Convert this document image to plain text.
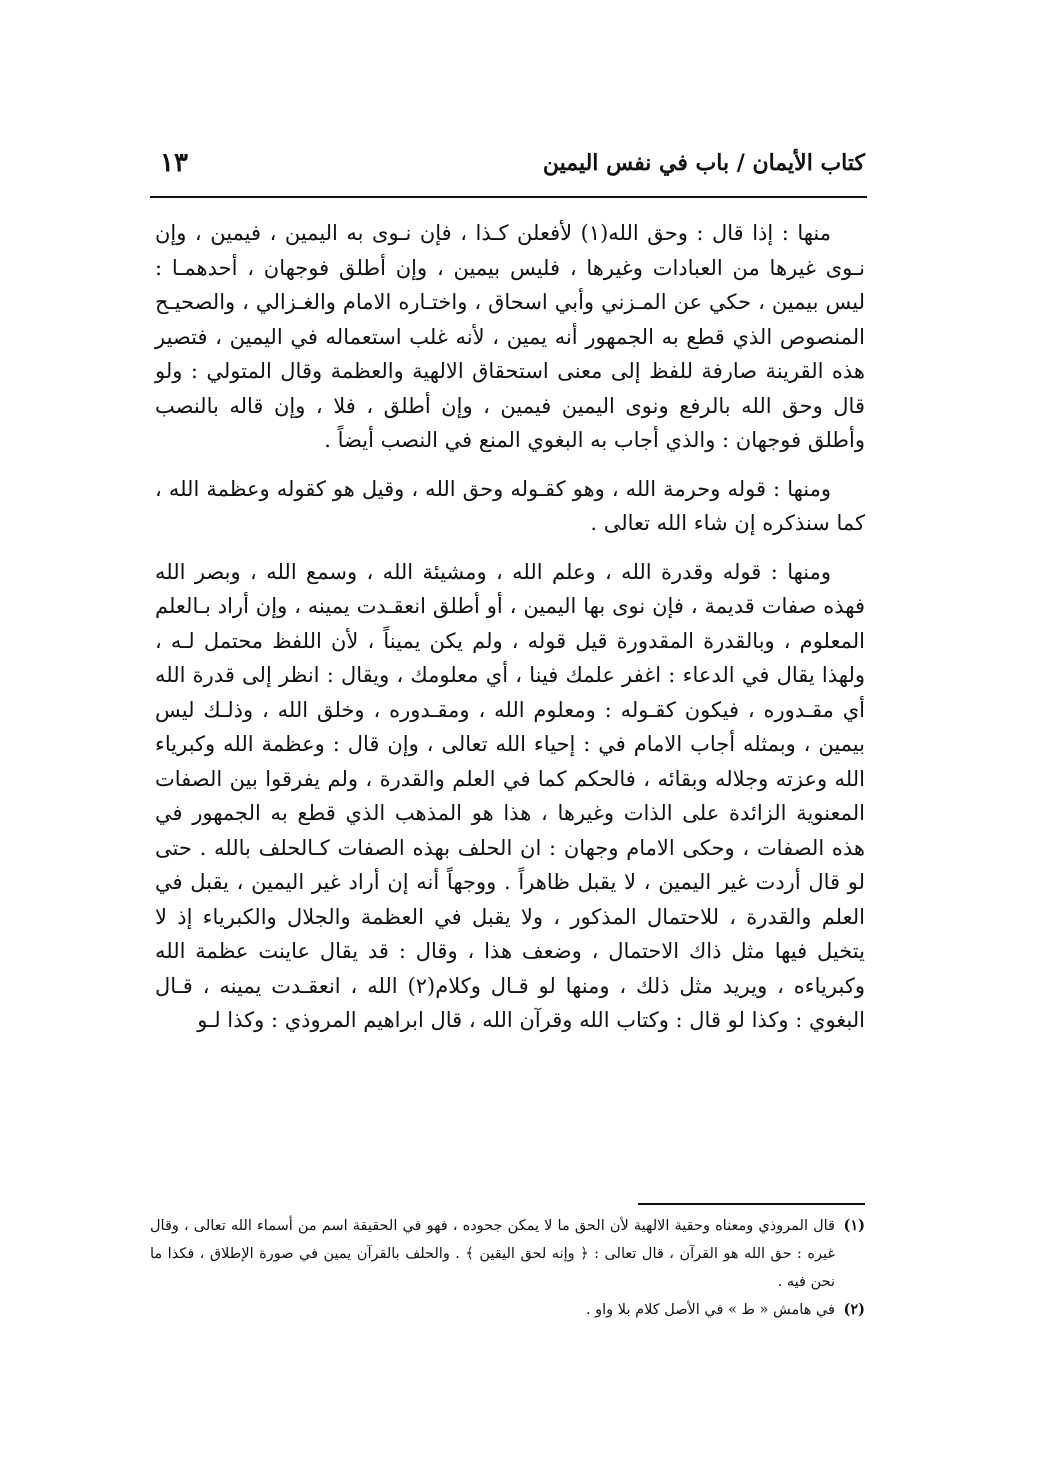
كتاب الأيمان / باب في نفس اليمين
١٣

منها : إذا قال : وحق الله(١) لأفعلن كـذا ، فإن نـوى به اليمين ، فيمين ، وإن نـوى غيرها من العبادات وغيرها ، فليس بيمين ، وإن أطلق فوجهان ، أحدهمـا : ليس بيمين ، حكي عن المـزني وأبي اسحاق ، واختـاره الامام والغـزالي ، والصحيـح المنصوص الذي قطع به الجمهور أنه يمين ، لأنه غلب استعماله في اليمين ، فتصير هذه القرينة صارفة للفظ إلى معنى استحقاق الالهية والعظمة وقال المتولي : ولو قال وحق الله بالرفع ونوى اليمين فيمين ، وإن أطلق ، فلا ، وإن قاله بالنصب وأطلق فوجهان : والذي أجاب به البغوي المنع في النصب أيضاً .

ومنها : قوله وحرمة الله ، وهو كقـوله وحق الله ، وقيل هو كقوله وعظمة الله ، كما سنذكره إن شاء الله تعالى .

ومنها : قوله وقدرة الله ، وعلم الله ، ومشيئة الله ، وسمع الله ، وبصر الله فهذه صفات قديمة ، فإن نوى بها اليمين ، أو أطلق انعقـدت يمينه ، وإن أراد بـالعلم المعلوم ، وبالقدرة المقدورة قيل قوله ، ولم يكن يميناً ، لأن اللفظ محتمل لـه ، ولهذا يقال في الدعاء : اغفر علمك فينا ، أي معلومك ، ويقال : انظر إلى قدرة الله أي مقـدوره ، فيكون كقـوله : ومعلوم الله ، ومقـدوره ، وخلق الله ، وذلـك ليس بيمين ، وبمثله أجاب الامام في : إحياء الله تعالى ، وإن قال : وعظمة الله وكبرياء الله وعزته وجلاله وبقائه ، فالحكم كما في العلم والقدرة ، ولم يفرقوا بين الصفات المعنوية الزائدة على الذات وغيرها ، هذا هو المذهب الذي قطع به الجمهور في هذه الصفات ، وحكى الامام وجهان : ان الحلف بهذه الصفات كـالحلف بالله . حتى لو قال أردت غير اليمين ، لا يقبل ظاهراً . ووجهاً أنه إن أراد غير اليمين ، يقبل في العلم والقدرة ، للاحتمال المذكور ، ولا يقبل في العظمة والجلال والكبرياء إذ لا يتخيل فيها مثل ذاك الاحتمال ، وضعف هذا ، وقال : قد يقال عاينت عظمة الله وكبرياءه ، ويريد مثل ذلك ، ومنها لو قـال وكلام(٢) الله ، انعقـدت يمينه ، قـال البغوي : وكذا لو قال : وكتاب الله وقرآن الله ، قال ابراهيم المروذي : وكذا لـو

(١)
قال المروذي ومعناه وحقية الالهية لأن الحق ما لا يمكن جحوده ، فهو في الحقيقة اسم من أسماء الله تعالى ، وقال غيره : حق الله هو القرآن ، قال تعالى : ﴿ وإنه لحق اليقين ﴾ . والحلف بالقرآن يمين في صورة الإطلاق ، فكذا ما نحن فيه .

(٢)
في هامش « ط » في الأصل كلام بلا واو .
